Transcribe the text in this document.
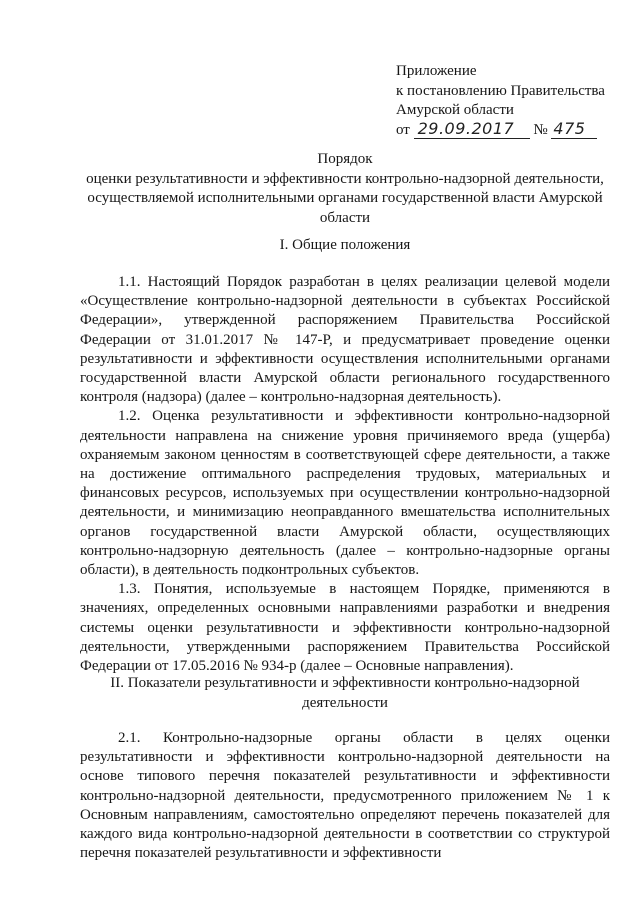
Приложение
к постановлению Правительства
Амурской области
от 29.09.2017 № 475
Порядок
оценки результативности и эффективности контрольно-надзорной деятельности, осуществляемой исполнительными органами государственной власти Амурской области
I. Общие положения

1.1. Настоящий Порядок разработан в целях реализации целевой модели «Осуществление контрольно-надзорной деятельности в субъектах Российской Федерации», утвержденной распоряжением Правительства Российской Федерации от 31.01.2017 № 147-Р, и предусматривает проведение оценки результативности и эффективности осуществления исполнительными органами государственной власти Амурской области регионального государственного контроля (надзора) (далее – контрольно-надзорная деятельность).

1.2. Оценка результативности и эффективности контрольно-надзорной деятельности направлена на снижение уровня причиняемого вреда (ущерба) охраняемым законом ценностям в соответствующей сфере деятельности, а также на достижение оптимального распределения трудовых, материальных и финансовых ресурсов, используемых при осуществлении контрольно-надзорной деятельности, и минимизацию неоправданного вмешательства исполнительных органов государственной власти Амурской области, осуществляющих контрольно-надзорную деятельность (далее – контрольно-надзорные органы области), в деятельность подконтрольных субъектов.

1.3. Понятия, используемые в настоящем Порядке, применяются в значениях, определенных основными направлениями разработки и внедрения системы оценки результативности и эффективности контрольно-надзорной деятельности, утвержденными распоряжением Правительства Российской Федерации от 17.05.2016 № 934-р (далее – Основные направления).

II. Показатели результативности и эффективности контрольно-надзорной деятельности

2.1. Контрольно-надзорные органы области в целях оценки результативности и эффективности контрольно-надзорной деятельности на основе типового перечня показателей результативности и эффективности контрольно-надзорной деятельности, предусмотренного приложением № 1 к Основным направлениям, самостоятельно определяют перечень показателей для каждого вида контрольно-надзорной деятельности в соответствии со структурой перечня показателей результативности и эффективности
